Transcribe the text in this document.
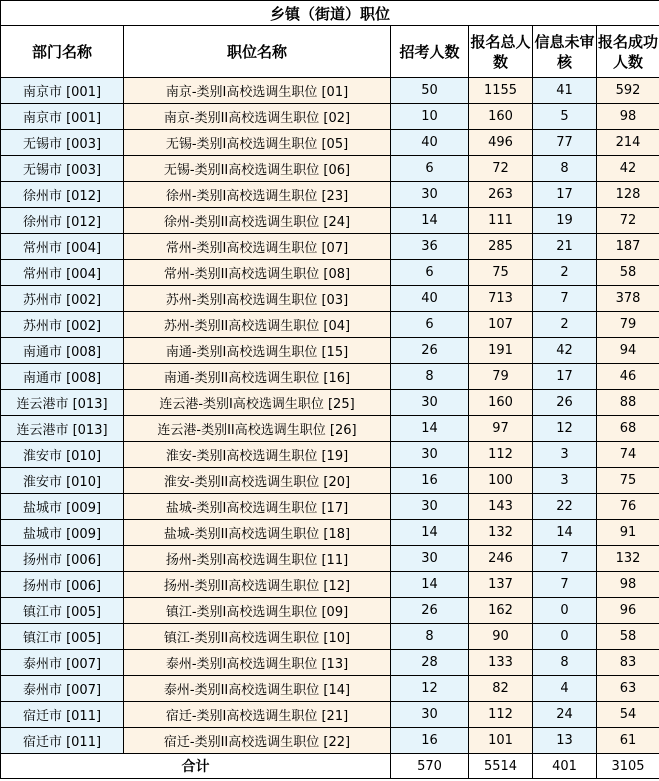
乡镇（街道）职位					
部门名称	职位名称	招考人数	报名总人数	信息未审核	报名成功人数
南京市 [001]	南京-类别I高校选调生职位 [01]	50	1155	41	592
南京市 [001]	南京-类别II高校选调生职位 [02]	10	160	5	98
无锡市 [003]	无锡-类别I高校选调生职位 [05]	40	496	77	214
无锡市 [003]	无锡-类别II高校选调生职位 [06]	6	72	8	42
徐州市 [012]	徐州-类别I高校选调生职位 [23]	30	263	17	128
徐州市 [012]	徐州-类别II高校选调生职位 [24]	14	111	19	72
常州市 [004]	常州-类别I高校选调生职位 [07]	36	285	21	187
常州市 [004]	常州-类别II高校选调生职位 [08]	6	75	2	58
苏州市 [002]	苏州-类别I高校选调生职位 [03]	40	713	7	378
苏州市 [002]	苏州-类别II高校选调生职位 [04]	6	107	2	79
南通市 [008]	南通-类别I高校选调生职位 [15]	26	191	42	94
南通市 [008]	南通-类别II高校选调生职位 [16]	8	79	17	46
连云港市 [013]	连云港-类别I高校选调生职位 [25]	30	160	26	88
连云港市 [013]	连云港-类别II高校选调生职位 [26]	14	97	12	68
淮安市 [010]	淮安-类别I高校选调生职位 [19]	30	112	3	74
淮安市 [010]	淮安-类别II高校选调生职位 [20]	16	100	3	75
盐城市 [009]	盐城-类别I高校选调生职位 [17]	30	143	22	76
盐城市 [009]	盐城-类别II高校选调生职位 [18]	14	132	14	91
扬州市 [006]	扬州-类别I高校选调生职位 [11]	30	246	7	132
扬州市 [006]	扬州-类别II高校选调生职位 [12]	14	137	7	98
镇江市 [005]	镇江-类别I高校选调生职位 [09]	26	162	0	96
镇江市 [005]	镇江-类别II高校选调生职位 [10]	8	90	0	58
泰州市 [007]	泰州-类别I高校选调生职位 [13]	28	133	8	83
泰州市 [007]	泰州-类别II高校选调生职位 [14]	12	82	4	63
宿迁市 [011]	宿迁-类别I高校选调生职位 [21]	30	112	24	54
宿迁市 [011]	宿迁-类别II高校选调生职位 [22]	16	101	13	61
合计		570	5514	401	3105
